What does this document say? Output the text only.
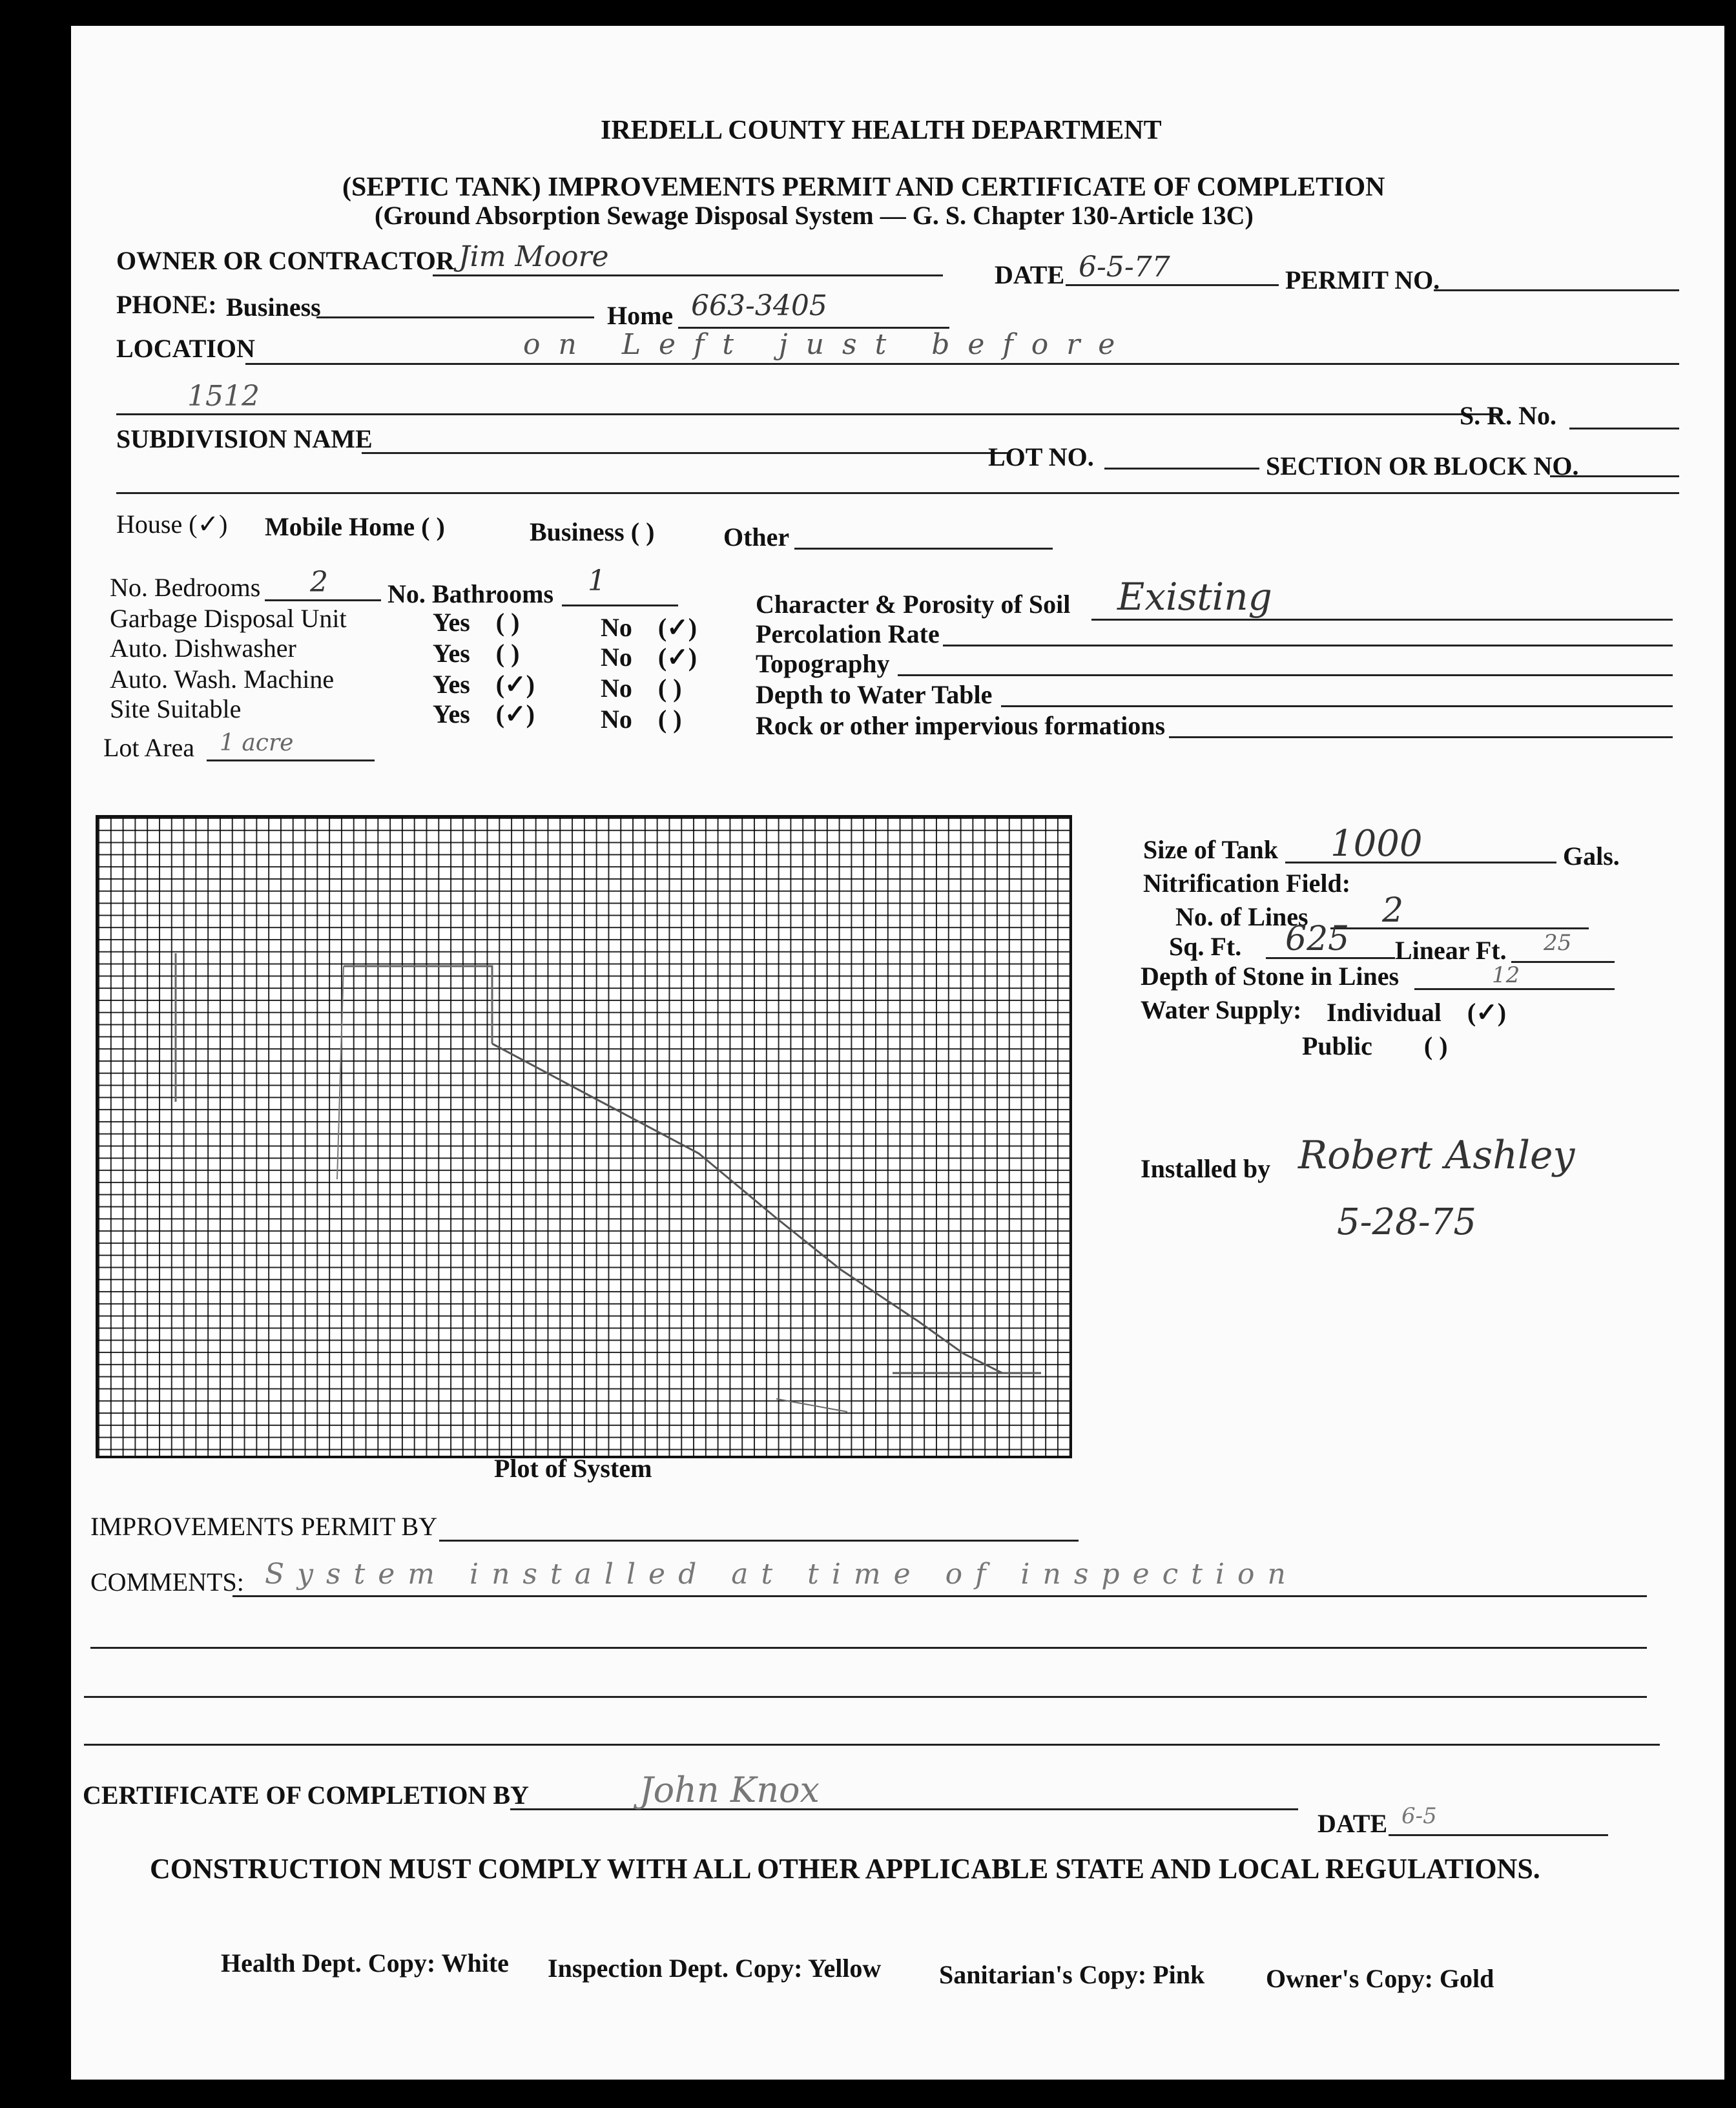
IREDELL COUNTY HEALTH DEPARTMENT
(SEPTIC TANK) IMPROVEMENTS PERMIT AND CERTIFICATE OF COMPLETION
(Ground Absorption Sewage Disposal System — G. S. Chapter 130-Article 13C)
OWNER OR CONTRACTOR Jim Moore
DATE 6-5-77	PERMIT NO.
PHONE: Business	Home 663-3405
LOCATION	on Left just before
1512
S. R. No.
SUBDIVISION NAME
LOT NO.	SECTION OR BLOCK NO.
House (✓) Mobile Home ( )	Business ( )	Other
No. Bedrooms 2 No. Bathrooms 1
Garbage Disposal Unit	Yes ( )	No (✓)
Auto. Dishwasher	Yes ( )	No (✓)
Auto. Wash. Machine	Yes (✓)	No ( )
Site Suitable	Yes (✓)	No ( )
Lot Area 1 acre
Character & Porosity of Soil Existing
Percolation Rate
Topography
Depth to Water Table
Rock or other impervious formations
Plot of System
Size of Tank 1000	Gals.
Nitrification Field:
No. of Lines 2
Sq. Ft. 625 Linear Ft. 25
Depth of Stone in Lines	12
Water Supply: Individual (✓)
Public ( )
Installed by Robert Ashley
5-28-75
IMPROVEMENTS PERMIT BY
COMMENTS: System installed at time of inspection
CERTIFICATE OF COMPLETION BY	John Knox
DATE 6-5
CONSTRUCTION MUST COMPLY WITH ALL OTHER APPLICABLE STATE AND LOCAL REGULATIONS.
Health Dept. Copy: White Inspection Dept. Copy: Yellow Sanitarian's Copy: Pink Owner's Copy: Gold
